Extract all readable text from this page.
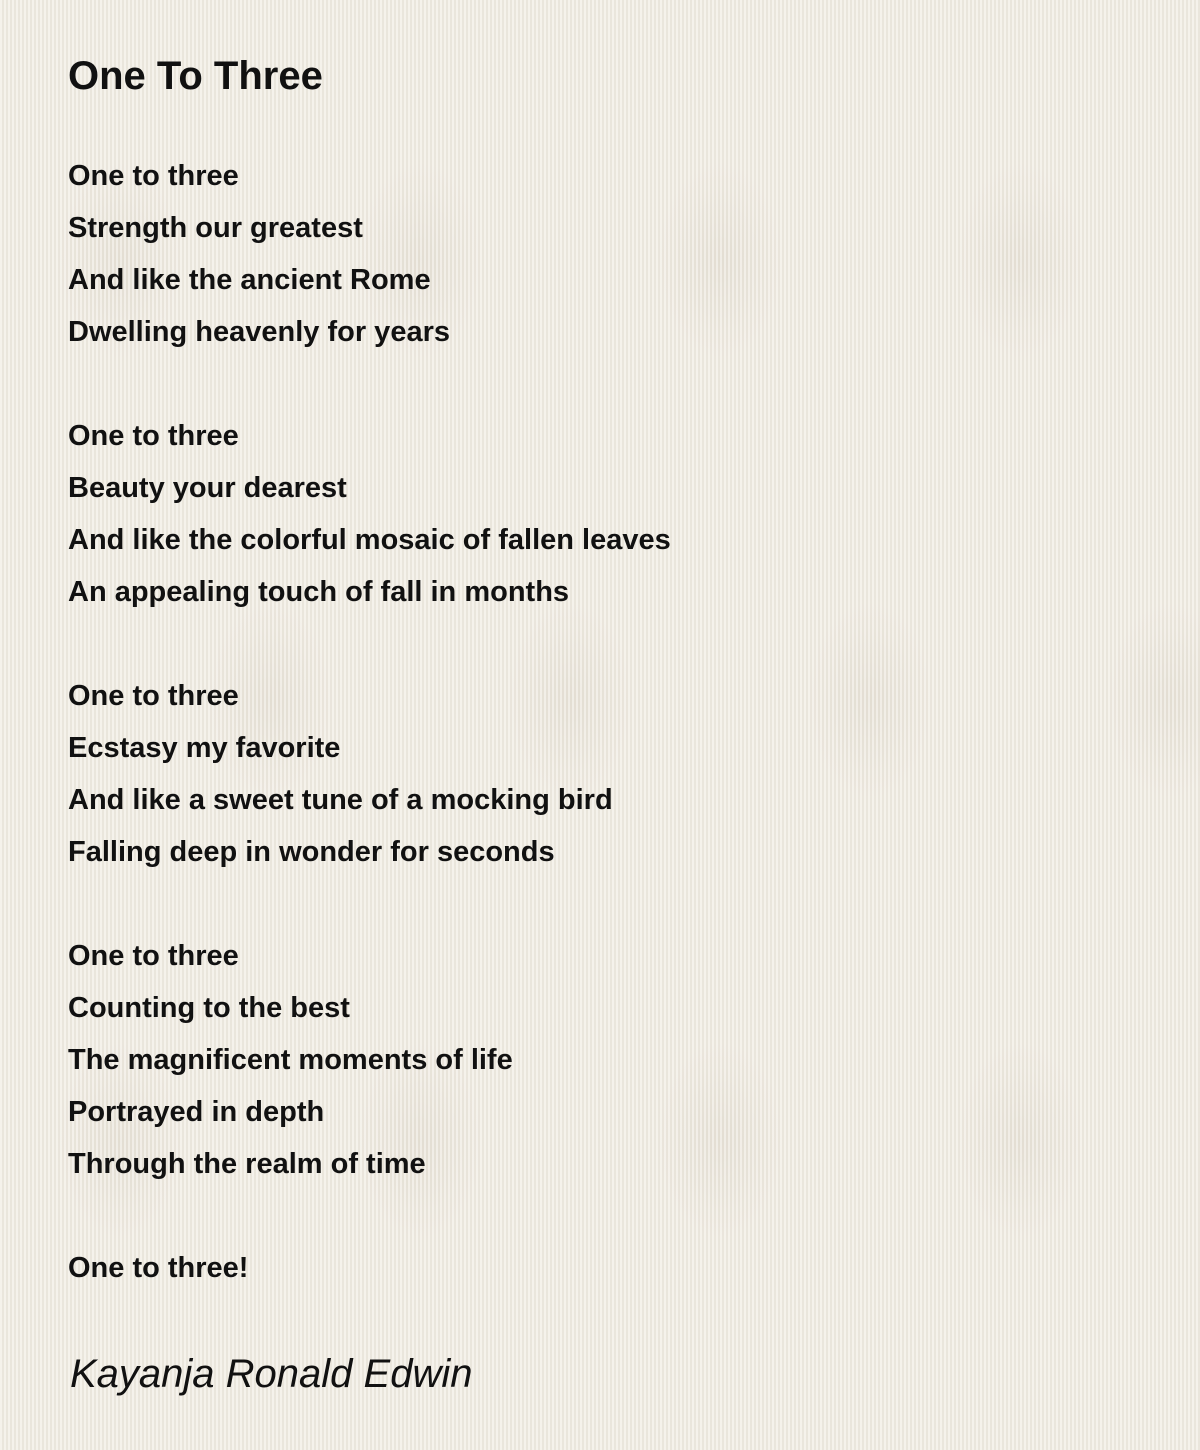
One To Three
One to three
Strength our greatest
And like the ancient Rome
Dwelling heavenly for years
One to three
Beauty your dearest
And like the colorful mosaic of fallen leaves
An appealing touch of fall in months
One to three
Ecstasy my favorite
And like a sweet tune of a mocking bird
Falling deep in wonder for seconds
One to three
Counting to the best
The magnificent moments of life
Portrayed in depth
Through the realm of time
One to three!

Kayanja Ronald Edwin
